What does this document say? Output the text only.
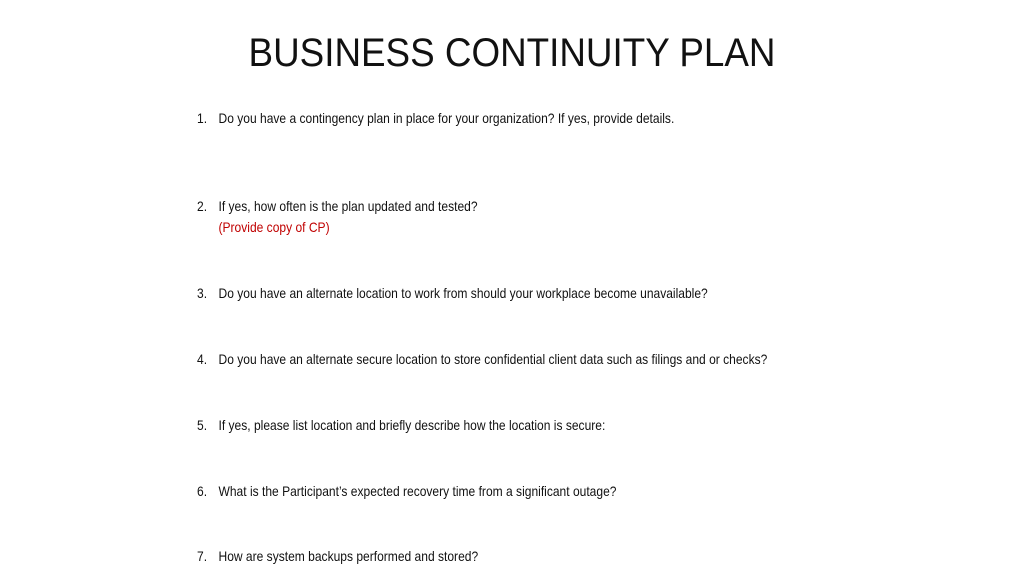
BUSINESS CONTINUITY PLAN
1. Do you have a contingency plan in place for your organization? If yes, provide details.
2. If yes, how often is the plan updated and tested?
(Provide copy of CP)
3. Do you have an alternate location to work from should your workplace become unavailable?
4. Do you have an alternate secure location to store confidential client data such as filings and or checks?
5. If yes, please list location and briefly describe how the location is secure:
6. What is the Participant’s expected recovery time from a significant outage?
7. How are system backups performed and stored?
